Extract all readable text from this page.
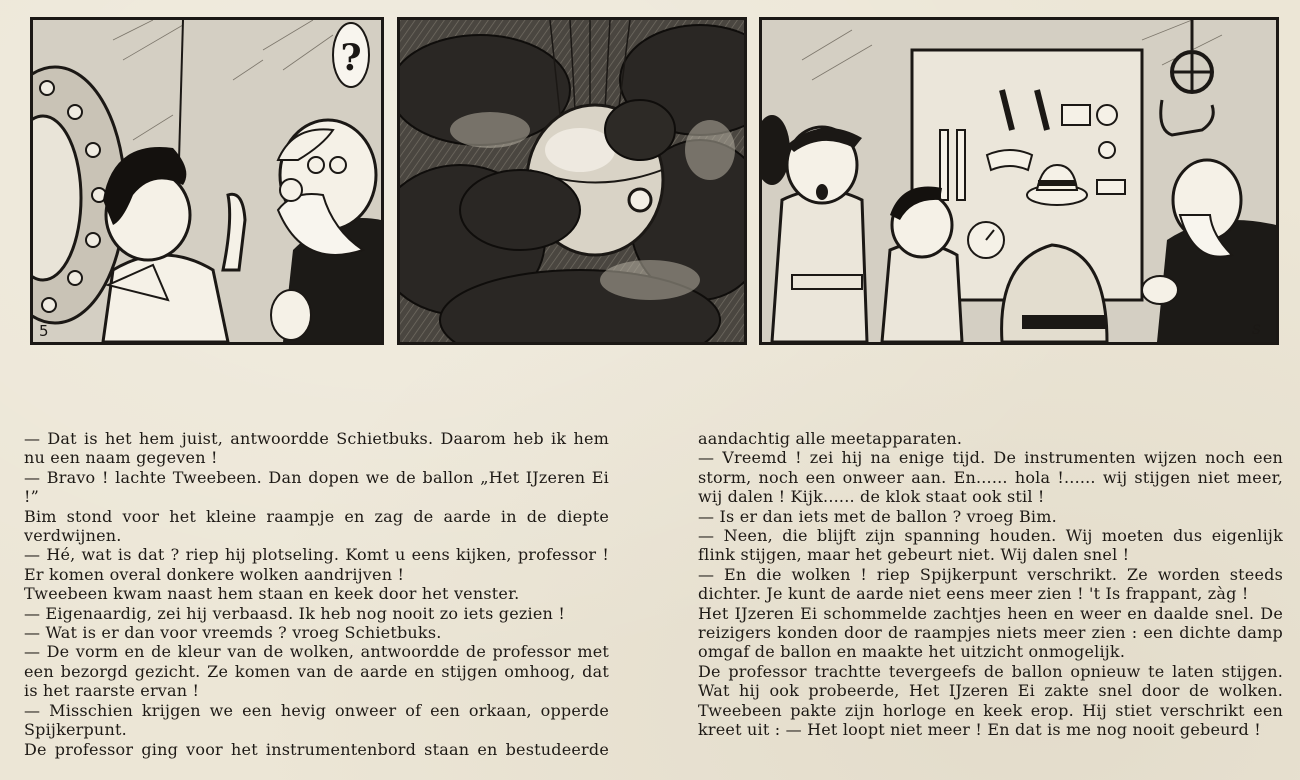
?
5	S

— Dat is het hem juist, antwoordde Schietbuks. Daarom heb ik hem nu een naam gegeven !

— Bravo ! lachte Tweebeen. Dan dopen we de ballon „Het IJzeren Ei !”

Bim stond voor het kleine raampje en zag de aarde in de diepte verdwijnen.

— Hé, wat is dat ? riep hij plotseling. Komt u eens kijken, professor ! Er komen overal donkere wolken aandrijven !

Tweebeen kwam naast hem staan en keek door het venster.

— Eigenaardig, zei hij verbaasd. Ik heb nog nooit zo iets gezien !

— Wat is er dan voor vreemds ? vroeg Schietbuks.

— De vorm en de kleur van de wolken, antwoordde de professor met een bezorgd gezicht. Ze komen van de aarde en stijgen omhoog, dat is het raarste ervan !

— Misschien krijgen we een hevig onweer of een orkaan, opperde Spijkerpunt.

De professor ging voor het instrumentenbord staan en bestudeerde

aandachtig alle meetapparaten.

— Vreemd ! zei hij na enige tijd. De instrumenten wijzen noch een storm, noch een onweer aan. En...... hola !...... wij stijgen niet meer, wij dalen ! Kijk...... de klok staat ook stil !

— Is er dan iets met de ballon ? vroeg Bim.

— Neen, die blijft zijn spanning houden. Wij moeten dus eigenlijk flink stijgen, maar het gebeurt niet. Wij dalen snel !

— En die wolken ! riep Spijkerpunt verschrikt. Ze worden steeds dichter. Je kunt de aarde niet eens meer zien ! 't Is frappant, zàg !

Het IJzeren Ei schommelde zachtjes heen en weer en daalde snel. De reizigers konden door de raampjes niets meer zien : een dichte damp omgaf de ballon en maakte het uitzicht onmogelijk.

De professor trachtte tevergeefs de ballon opnieuw te laten stijgen. Wat hij ook probeerde, Het IJzeren Ei zakte snel door de wolken. Tweebeen pakte zijn horloge en keek erop. Hij stiet verschrikt een kreet uit : — Het loopt niet meer ! En dat is me nog nooit gebeurd !
